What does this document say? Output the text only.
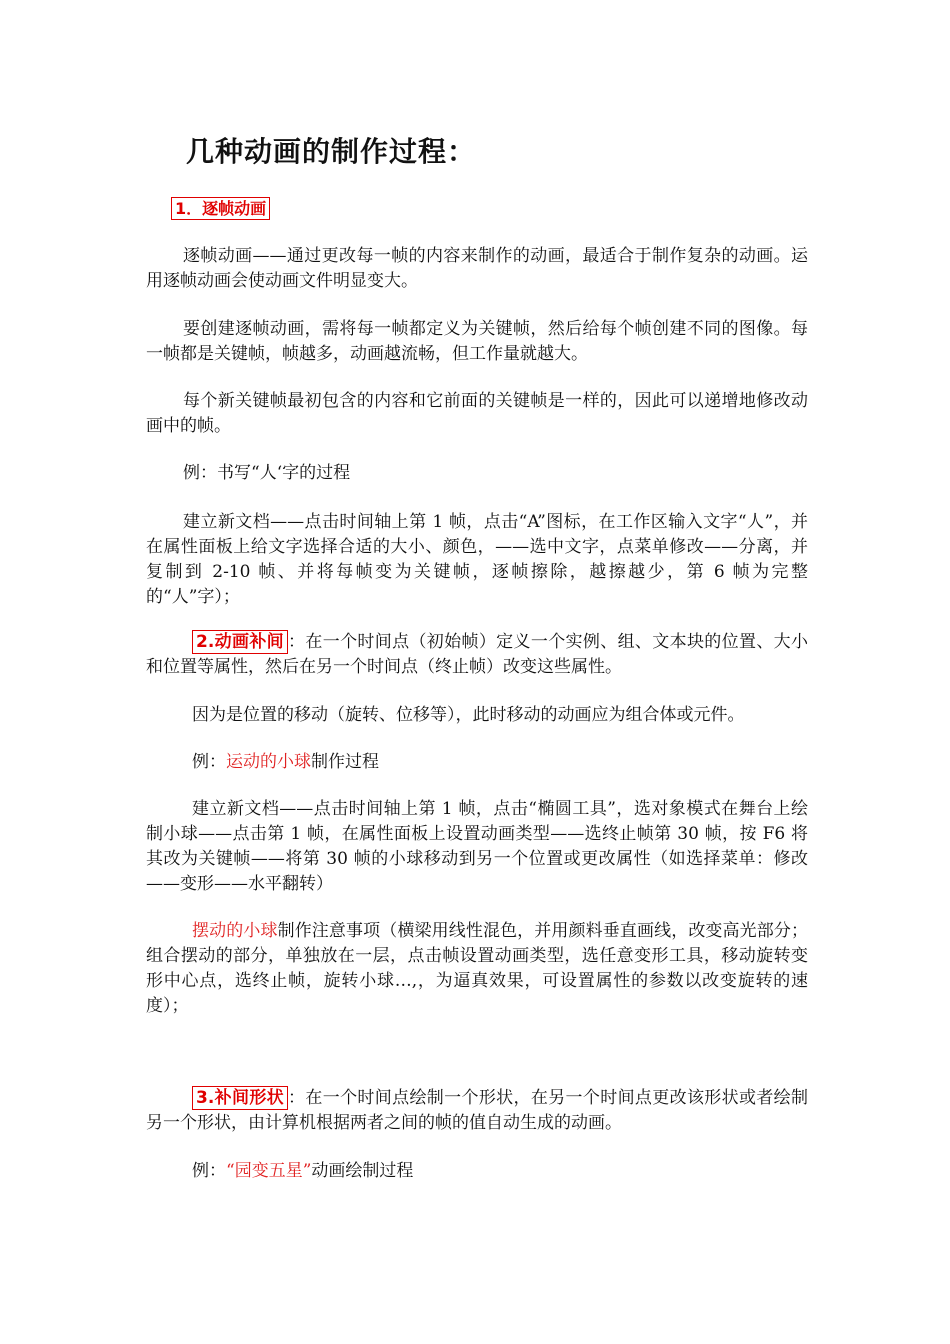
几种动画的制作过程：
1．逐帧动画

逐帧动画——通过更改每一帧的内容来制作的动画，最适合于制作复杂的动画。运用逐帧动画会使动画文件明显变大。

要创建逐帧动画，需将每一帧都定义为关键帧，然后给每个帧创建不同的图像。每一帧都是关键帧，帧越多，动画越流畅，但工作量就越大。

每个新关键帧最初包含的内容和它前面的关键帧是一样的，因此可以递增地修改动画中的帧。

例：书写“人‘字的过程

建立新文档——点击时间轴上第 1 帧，点击“A”图标，在工作区输入文字“人”，并在属性面板上给文字选择合适的大小、颜色，——选中文字，点菜单修改——分离，并复制到 2-10 帧、并将每帧变为关键帧，逐帧擦除，越擦越少，第 6 帧为完整的“人”字）；

2.动画补间 ：在一个时间点（初始帧）定义一个实例、组、文本块的位置、大小和位置等属性，然后在另一个时间点（终止帧）改变这些属性。

因为是位置的移动（旋转、位移等），此时移动的动画应为组合体或元件。

例：运动的小球制作过程

建立新文档——点击时间轴上第 1 帧，点击“椭圆工具”，选对象模式在舞台上绘制小球——点击第 1 帧，在属性面板上设置动画类型——选终止帧第 30 帧，按 F6 将其改为关键帧——将第 30 帧的小球移动到另一个位置或更改属性（如选择菜单：修改——变形——水平翻转）

摆动的小球制作注意事项（横梁用线性混色，并用颜料垂直画线，改变高光部分；组合摆动的部分，单独放在一层，点击帧设置动画类型，选任意变形工具，移动旋转变形中心点，选终止帧，旋转小球…,，为逼真效果，可设置属性的参数以改变旋转的速度）；

3.补间形状 ：在一个时间点绘制一个形状，在另一个时间点更改该形状或者绘制另一个形状，由计算机根据两者之间的帧的值自动生成的动画。

例：“园变五星”动画绘制过程
